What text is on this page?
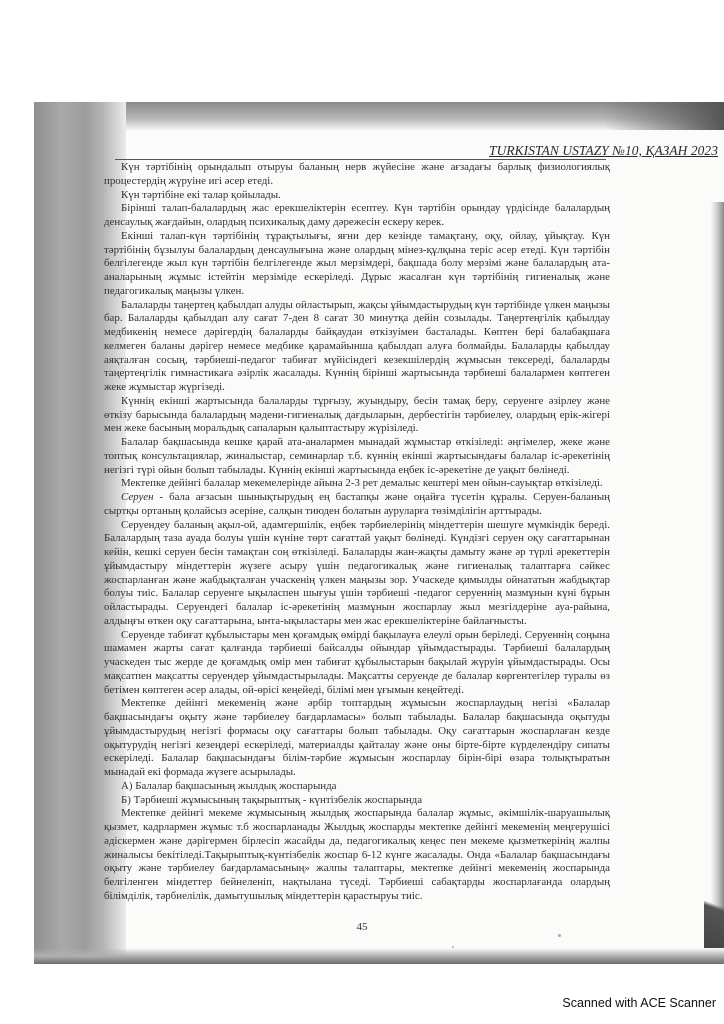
TURKISTAN USTAZY №10, ҚАЗАН 2023

Күн тәртібінің орындалып отыруы баланың нерв жүйесіне және ағзадағы барлық физиологиялық процестердің жүруіне игі әсер етеді.

Күн тәртібіне екі талар қойылады.

Бірінші талап-балалардың жас ерекшеліктерін есептеу. Күн тәртібін орындау үрдісінде балалардың денсаулық жағдайын, олардың психикалық даму дәрежесін ескеру керек.

Екінші талап-күн тәртібінің тұрақтылығы, яғни дер кезінде тамақтану, оқу, ойлау, ұйықтау. Күн тәртібінің бұзылуы балалардың денсаулығына және олардың мінез-құлқына теріс әсер етеді. Күн тәртібін белгілегенде жыл күн тәртібін белгілегенде жыл мерзімдері, бақшада болу мерзімі және балалардың ата-аналарының жұмыс істейтін мерзіміде ескеріледі. Дұрыс жасалған күн тәртібінің гигиеналық және педагогикалық маңызы үлкен.

Балаларды таңертең қабылдап алуды ойластырып, жақсы ұйымдастырудың күн тәртібінде үлкен маңызы бар. Балаларды қабылдап алу сағат 7-ден 8 сағат 30 минутқа дейін созылады. Таңертеңгілік қабылдау медбикенің немесе дәрігердің балаларды байқаудан өткізуімен басталады. Көптен бері балабақшаға келмеген баланы дәрігер немесе медбике қарамайынша қабылдап алуға болмайды. Балаларды қабылдау аяқталған сосың, тәрбиеші-педагог табиғат мүйісіндегі кезекшілердің жұмысын тексереді, балаларды таңертеңгілік гимнастикаға әзірлік жасалады. Күннің бірінші жартысында тәрбиеші балалармен көптеген жеке жұмыстар жүргізеді.

Күннің екінші жартысында балаларды тұрғызу, жуындыру, бесін тамақ беру, серуенге әзірлеу және өткізу барысында балалардың мәдени-гигиеналық дағдыларын, дербестігін тәрбиелеу, олардың ерік-жігері мен жеке басының моральдық сапаларын қалыптастыру жүрізіледі.

Балалар бақшасында кешке қарай ата-аналармен мынадай жұмыстар өткізіледі: әңгімелер, жеке және топтық консультациялар, жиналыстар, семинарлар т.б. күннің екінші жартысындағы балалар іс-әрекетінің негізгі түрі ойын болып табылады. Күннің екінші жартысында еңбек іс-әрекетіне де уақыт бөлінеді.

Мектепке дейінгі балалар мекемелерінде айына 2-3 рет демалыс кештері мен ойын-сауықтар өткізіледі.

Серуен - бала ағзасын шынықтырудың ең бастапқы және оңайға түсетін құралы. Серуен-баланың сыртқы ортаның қолайсыз әсеріне, салқын тиюден болатын ауруларға төзімділігін арттырады.

Серуендеу баланың ақыл-ой, адамгершілік, еңбек тәрбиелерінің міндеттерін шешуге мүмкіндік береді. Балалардың таза ауада болуы үшін күніне төрт сағаттай уақыт бөлінеді. Күндізгі серуен оқу сағаттарынан кейін, кешкі серуен бесін тамақтан соң өткізіледі. Балаларды жан-жақты дамыту және әр түрлі әрекеттерін ұйымдастыру міндеттерін жүзеге асыру үшін педагогикалық және гигиеналық талаптарға сәйкес жоспарланған және жабдықталған учаскенің үлкен маңызы зор. Учаскеде қимылды ойнататын жабдықтар болуы тиіс. Балалар серуенге ықыласпен шығуы үшін тәрбиеші -педагог серуеннің мазмұнын күні бұрын ойластырады. Серуендегі балалар іс-әрекетінің мазмұнын жоспарлау жыл мезгілдеріне ауа-райына, алдыңғы өткен оқу сағаттарына, ынта-ықыластары мен жас ерекшеліктеріне байлағнысты.

Серуенде табиғат құбылыстары мен қоғамдық өмірді бақылауға елеулі орын беріледі. Серуеннің соңына шамамен жарты сағат қалғанда тәрбиеші байсалды ойындар ұйымдастырады. Тәрбиеші балалардың учаскеден тыс жерде де қоғамдық омір мен табиғат құбылыстарын бақылай жүруін ұйымдастырады. Осы мақсатпен мақсатты серуендер ұйымдастырылады. Мақсатты серуенде де балалар көргентегілер туралы өз бетімен көптеген әсер алады, ой-өрісі кеңейеді, білімі мен ұғымын кеңейтеді.

Мектепке дейінгі мекеменің және әрбір топтардың жұмысын жоспарлаудың негізі «Балалар бақшасындағы оқыту және тәрбиелеу бағдарламасы» болып табылады. Балалар бақшасында оқытуды ұйымдастырудың негізгі формасы оқу сағаттары болып табылады. Оқу сағаттарын жоспарлаған кезде оқытурудің негізгі кезеңдері ескеріледі, материалды қайталау және оны бірте-бірте күрделендіру сипаты ескеріледі. Балалар бақшасындағы білім-тәрбие жұмысын жоспарлау бірін-бірі өзара толықтыратын мынадай екі формада жүзеге асырылады.

А) Балалар бақшасының жылдық жоспарында

Б) Тәрбиеші жұмысының тақырыптық - күнтізбелік жоспарында

Мектепке дейінгі мекеме жұмысының жылдық жоспарында балалар жұмыс, әкімшілік-шаруашылық қызмет, кадрлармен жұмыс т.б жоспарланады Жылдық жоспарды мектепке дейінгі мекеменің меңгерушісі әдіскермен және дәрігермен бірлесіп жасайды да, педагогикалық кеңес пен мекеме қызметкерінің жалпы жиналысы бекітіледі.Тақырыптық-күнтізбелік жоспар 6-12 күнге жасалады. Онда «Балалар бақшасындағы оқыту және тәрбиелеу бағдарламасының» жалпы талаптары, мектепке дейінгі мекеменің жоспарында белгіленген міндеттер бейнеленіп, нақтылана түседі. Тәрбиеші сабақтарды жоспарлағанда олардың білімділік, тәрбиелілік, дамытушылық міндеттерін қарастыруы тиіс.

45
Scanned with ACE Scanner
